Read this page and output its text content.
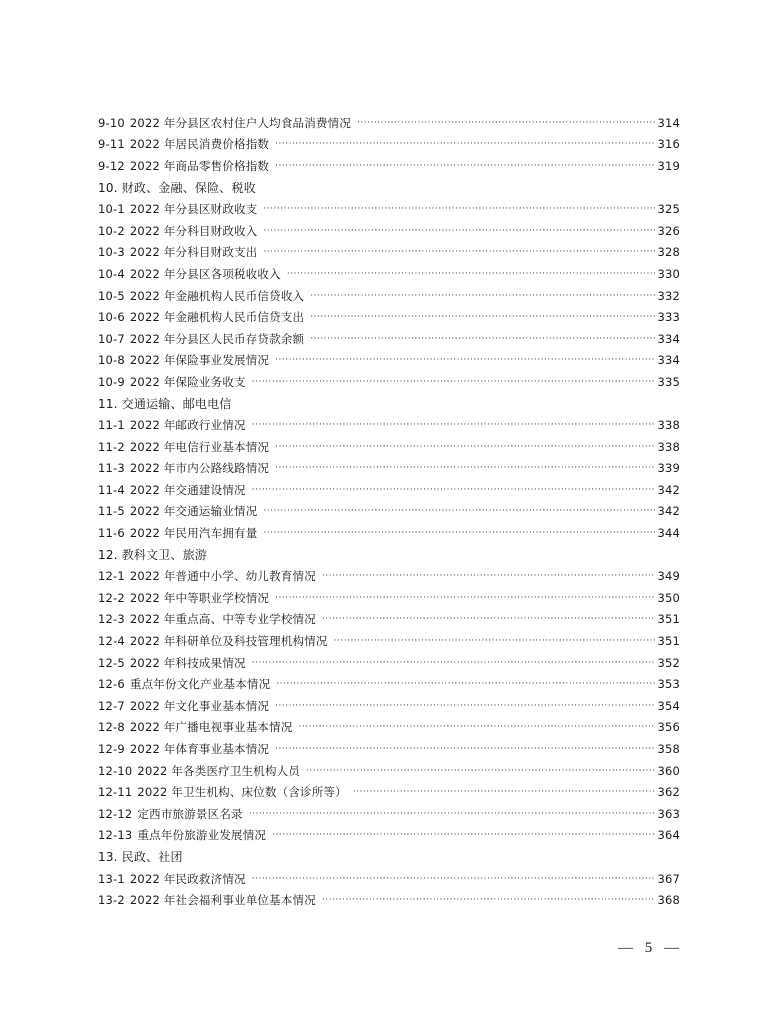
9-10 2022 年分县区农村住户人均食品消费情况 ·····	314
9-11 2022 年居民消费价格指数 ·····	316
9-12 2022 年商品零售价格指数 ·····	319
10. 财政、金融、保险、税收
10-1 2022 年分县区财政收支 ·····	325
10-2 2022 年分科目财政收入 ·····	326
10-3 2022 年分科目财政支出 ·····	328
10-4 2022 年分县区各项税收收入 ·····	330
10-5 2022 年金融机构人民币信贷收入 ·····	332
10-6 2022 年金融机构人民币信贷支出 ·····	333
10-7 2022 年分县区人民币存贷款余额 ·····	334
10-8 2022 年保险事业发展情况 ·····	334
10-9 2022 年保险业务收支 ·····	335
11. 交通运输、邮电电信
11-1 2022 年邮政行业情况 ·····	338
11-2 2022 年电信行业基本情况 ·····	338
11-3 2022 年市内公路线路情况 ·····	339
11-4 2022 年交通建设情况 ·····	342
11-5 2022 年交通运输业情况 ·····	342
11-6 2022 年民用汽车拥有量 ·····	344
12. 教科文卫、旅游
12-1 2022 年普通中小学、幼儿教育情况 ·····	349
12-2 2022 年中等职业学校情况 ·····	350
12-3 2022 年重点高、中等专业学校情况 ·····	351
12-4 2022 年科研单位及科技管理机构情况 ·····	351
12-5 2022 年科技成果情况 ·····	352
12-6 重点年份文化产业基本情况 ·····	353
12-7 2022 年文化事业基本情况 ·····	354
12-8 2022 年广播电视事业基本情况 ·····	356
12-9 2022 年体育事业基本情况 ·····	358
12-10 2022 年各类医疗卫生机构人员 ·····	360
12-11 2022 年卫生机构、床位数（含诊所等） ·····	362
12-12 定西市旅游景区名录 ·····	363
12-13 重点年份旅游业发展情况 ·····	364
13. 民政、社团
13-1 2022 年民政救济情况 ·····	367
13-2 2022 年社会福利事业单位基本情况 ·····	368
— 5 —
